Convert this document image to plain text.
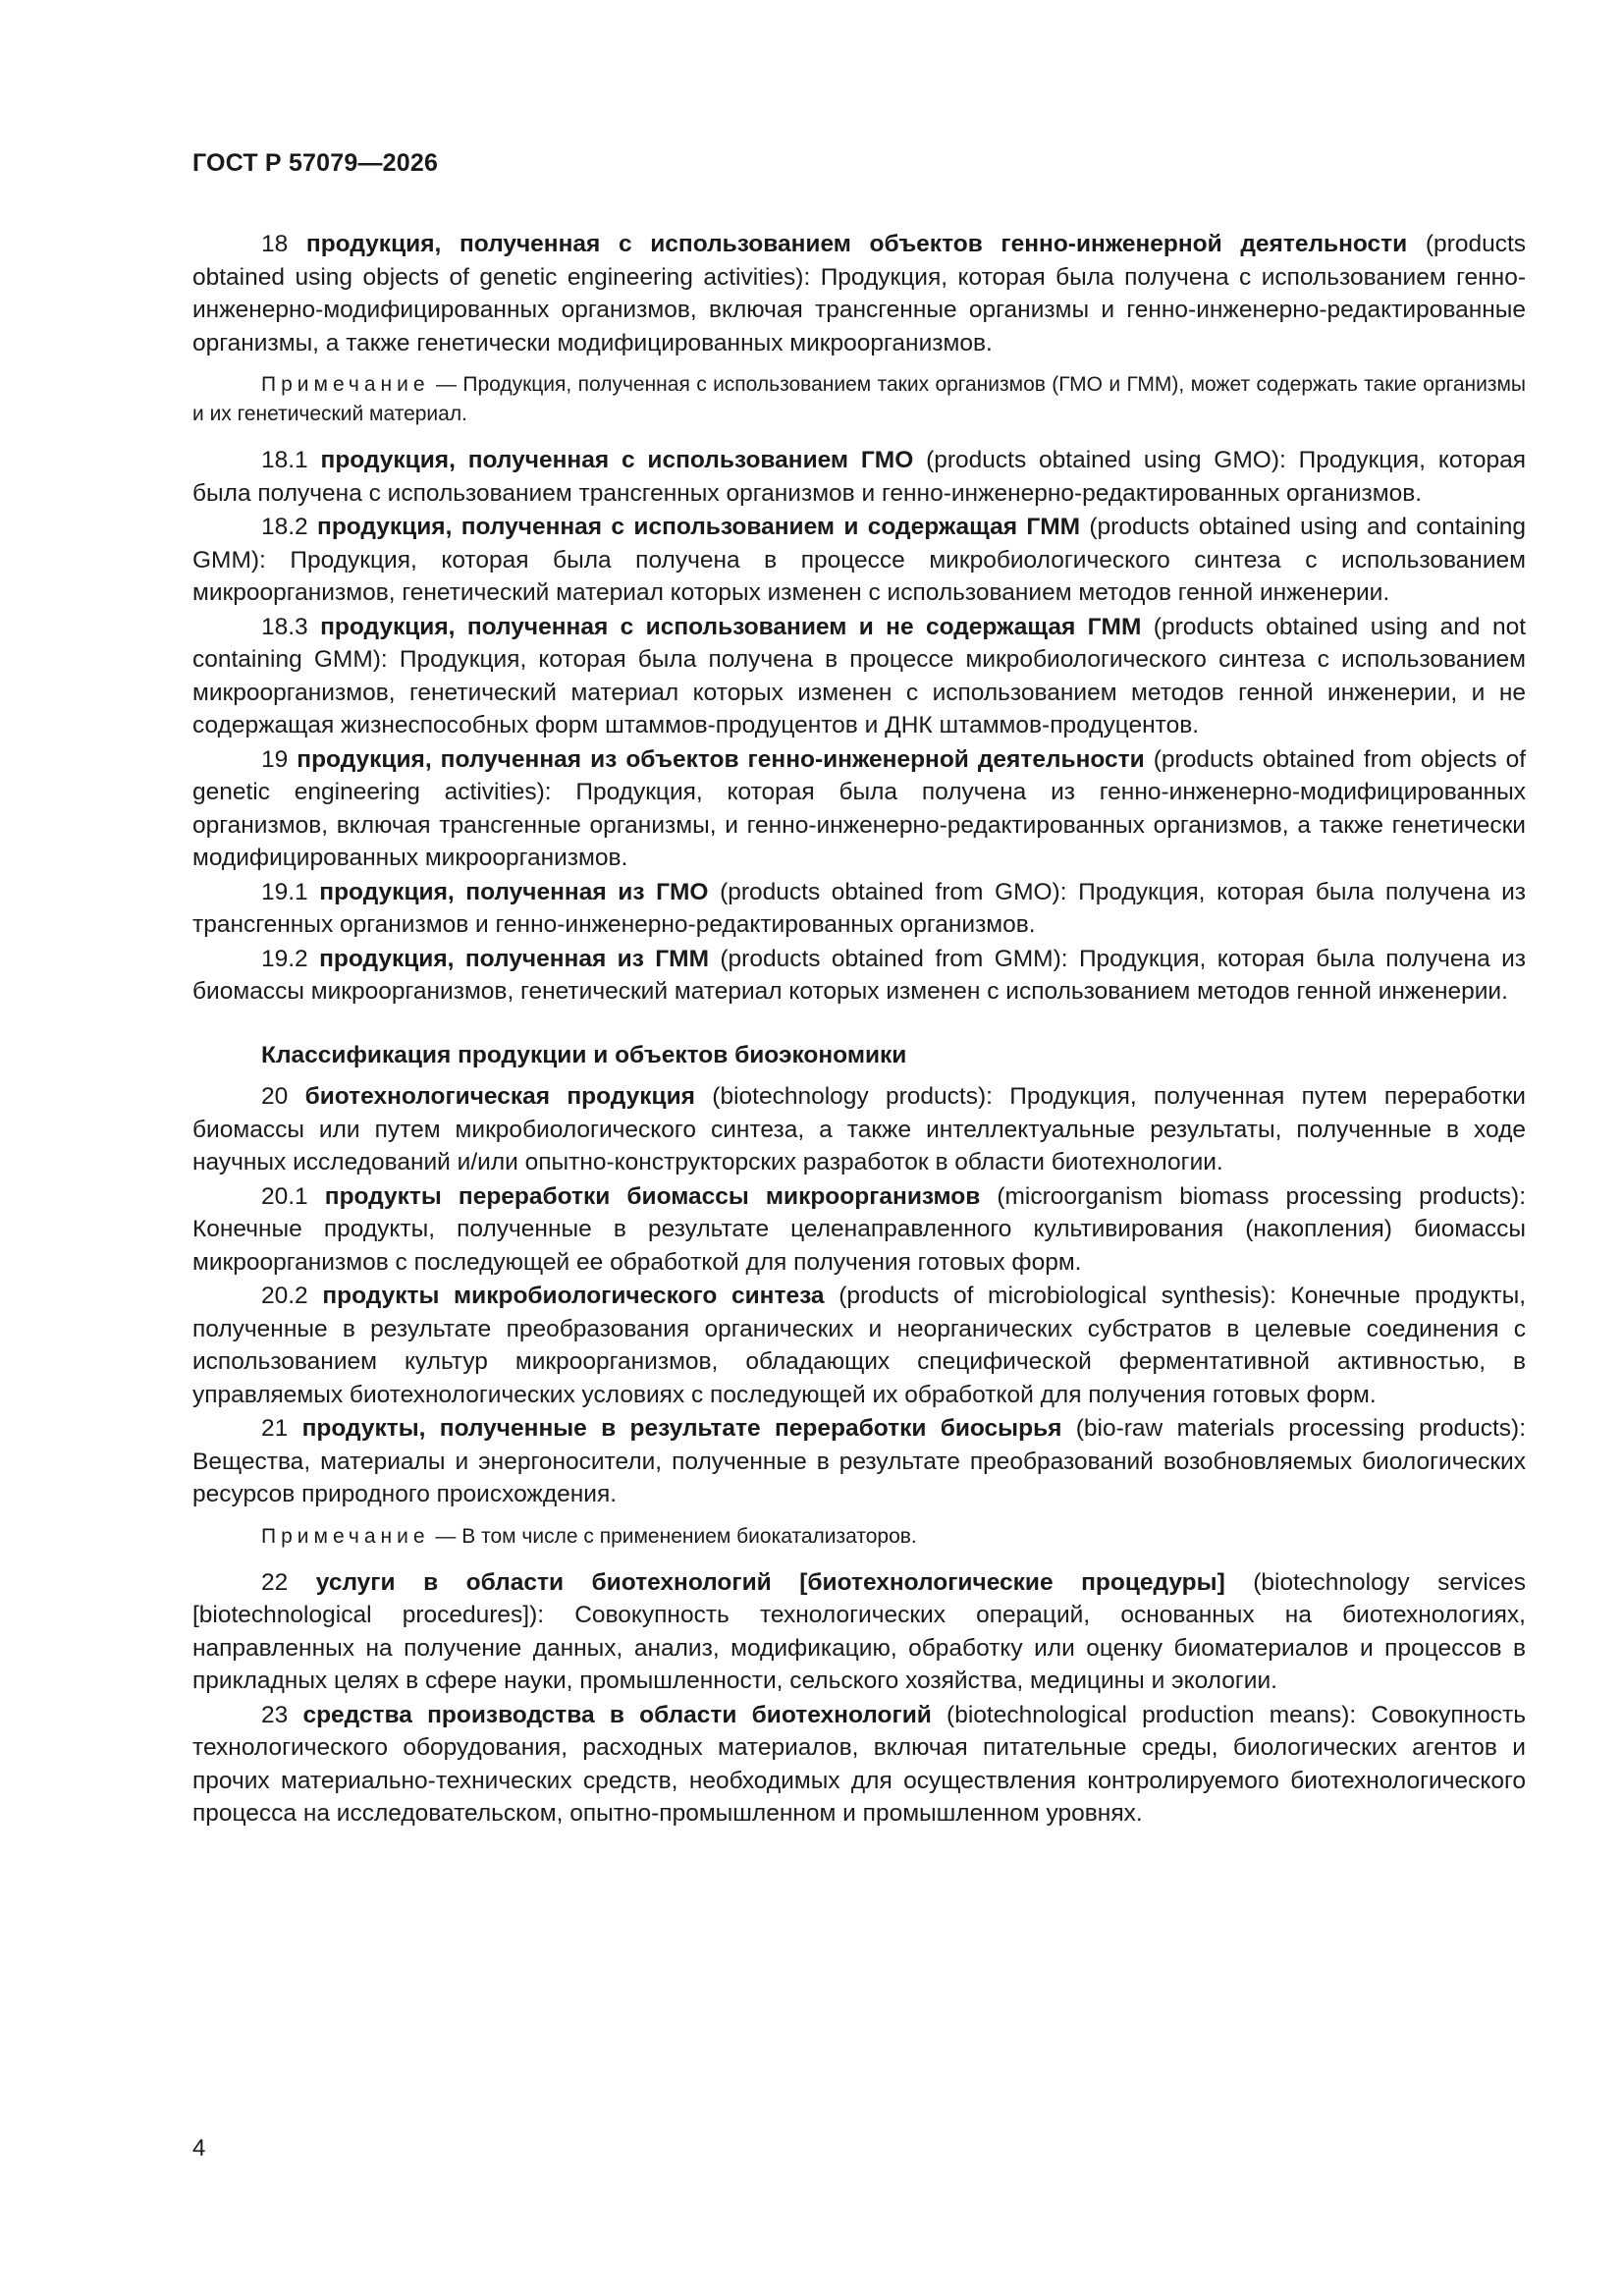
ГОСТ Р 57079—2026
18 продукция, полученная с использованием объектов генно-инженерной деятельности (products obtained using objects of genetic engineering activities): Продукция, которая была получена с использованием генно-инженерно-модифицированных организмов, включая трансгенные организмы и генно-инженерно-редактированные организмы, а также генетически модифицированных микроорганизмов.
Примечание — Продукция, полученная с использованием таких организмов (ГМО и ГММ), может содержать такие организмы и их генетический материал.
18.1 продукция, полученная с использованием ГМО (products obtained using GMO): Продукция, которая была получена с использованием трансгенных организмов и генно-инженерно-редактированных организмов.
18.2 продукция, полученная с использованием и содержащая ГММ (products obtained using and containing GMM): Продукция, которая была получена в процессе микробиологического синтеза с использованием микроорганизмов, генетический материал которых изменен с использованием методов генной инженерии.
18.3 продукция, полученная с использованием и не содержащая ГММ (products obtained using and not containing GMM): Продукция, которая была получена в процессе микробиологического синтеза с использованием микроорганизмов, генетический материал которых изменен с использованием методов генной инженерии, и не содержащая жизнеспособных форм штаммов-продуцентов и ДНК штаммов-продуцентов.
19 продукция, полученная из объектов генно-инженерной деятельности (products obtained from objects of genetic engineering activities): Продукция, которая была получена из генно-инженерно-модифицированных организмов, включая трансгенные организмы, и генно-инженерно-редактированных организмов, а также генетически модифицированных микроорганизмов.
19.1 продукция, полученная из ГМО (products obtained from GMO): Продукция, которая была получена из трансгенных организмов и генно-инженерно-редактированных организмов.
19.2 продукция, полученная из ГММ (products obtained from GMM): Продукция, которая была получена из биомассы микроорганизмов, генетический материал которых изменен с использованием методов генной инженерии.
Классификация продукции и объектов биоэкономики
20 биотехнологическая продукция (biotechnology products): Продукция, полученная путем переработки биомассы или путем микробиологического синтеза, а также интеллектуальные результаты, полученные в ходе научных исследований и/или опытно-конструкторских разработок в области биотехнологии.
20.1 продукты переработки биомассы микроорганизмов (microorganism biomass processing products): Конечные продукты, полученные в результате целенаправленного культивирования (накопления) биомассы микроорганизмов с последующей ее обработкой для получения готовых форм.
20.2 продукты микробиологического синтеза (products of microbiological synthesis): Конечные продукты, полученные в результате преобразования органических и неорганических субстратов в целевые соединения с использованием культур микроорганизмов, обладающих специфической ферментативной активностью, в управляемых биотехнологических условиях с последующей их обработкой для получения готовых форм.
21 продукты, полученные в результате переработки биосырья (bio-raw materials processing products): Вещества, материалы и энергоносители, полученные в результате преобразований возобновляемых биологических ресурсов природного происхождения.
Примечание — В том числе с применением биокатализаторов.
22 услуги в области биотехнологий [биотехнологические процедуры] (biotechnology services [biotechnological procedures]): Совокупность технологических операций, основанных на биотехнологиях, направленных на получение данных, анализ, модификацию, обработку или оценку биоматериалов и процессов в прикладных целях в сфере науки, промышленности, сельского хозяйства, медицины и экологии.
23 средства производства в области биотехнологий (biotechnological production means): Совокупность технологического оборудования, расходных материалов, включая питательные среды, биологических агентов и прочих материально-технических средств, необходимых для осуществления контролируемого биотехнологического процесса на исследовательском, опытно-промышленном и промышленном уровнях.
4
